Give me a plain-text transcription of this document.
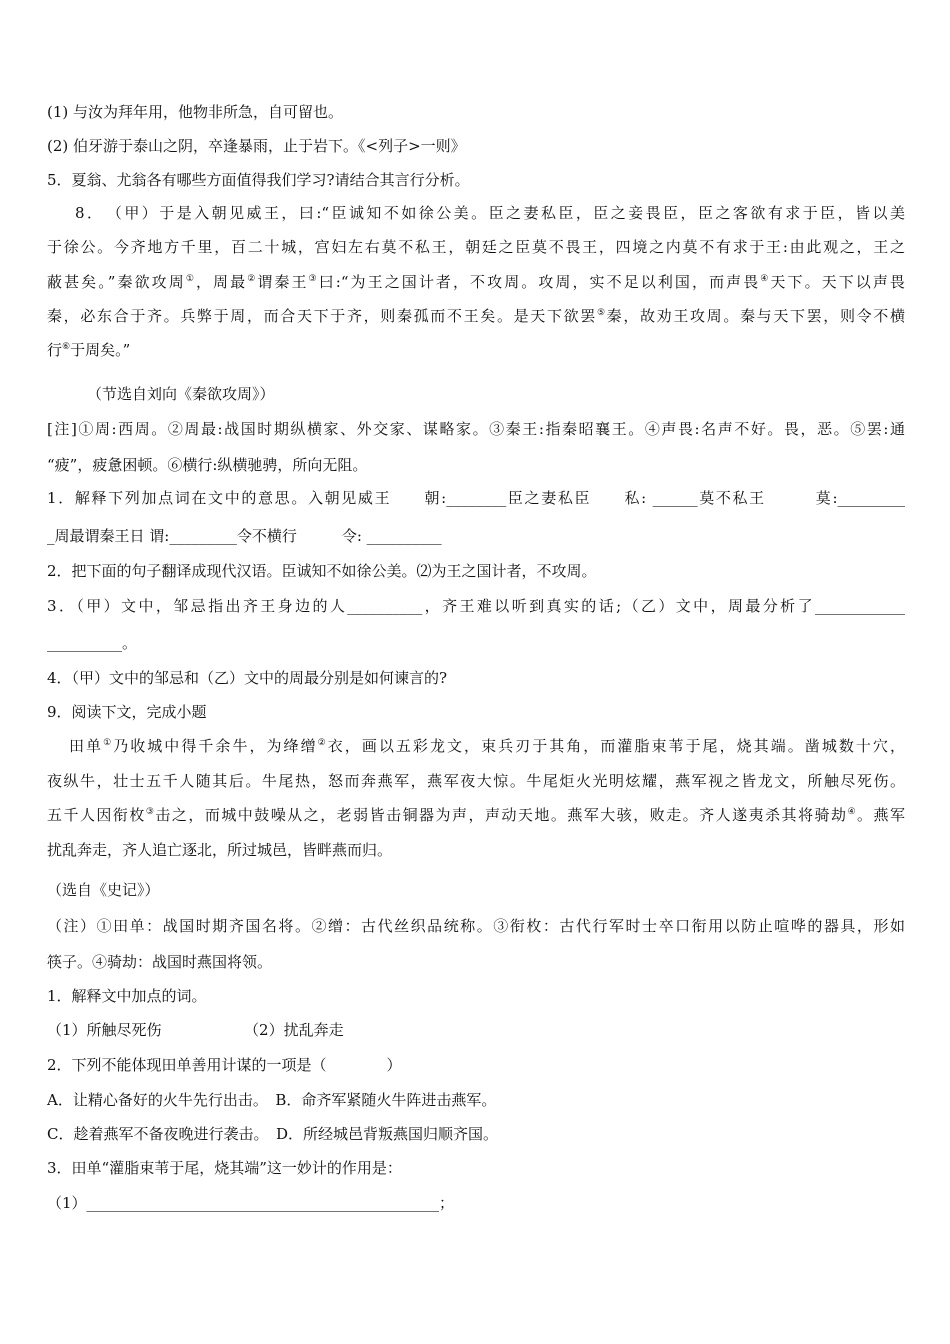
(1) 与汝为拜年用，他物非所急，自可留也。
(2) 伯牙游于泰山之阴，卒逢暴雨，止于岩下。《<列子>一则》
5．夏翁、尤翁各有哪些方面值得我们学习?请结合其言行分析。
8．　（甲）于是入朝见威王，曰:“臣诚知不如徐公美。臣之妻私臣，臣之妾畏臣，臣之客欲有求于臣，皆以美
于徐公。今齐地方千里，百二十城，宫妇左右莫不私王，朝廷之臣莫不畏王，四境之内莫不有求于王:由此观之，王之
蔽甚矣。”秦欲攻周①，周最②谓秦王③曰:“为王之国计者，不攻周。攻周，实不足以利国，而声畏④天下。天下以声畏
秦，必东合于齐。兵弊于周，而合天下于齐，则秦孤而不王矣。是天下欲罢⑤秦，故劝王攻周。秦与天下罢，则令不横
行⑥于周矣。”
（节选自刘向《秦欲攻周》）
[注]①周:西周。②周最:战国时期纵横家、外交家、谋略家。③秦王:指秦昭襄王。④声畏:名声不好。畏，恶。⑤罢:通
“疲”，疲惫困顿。⑥横行:纵横驰骋，所向无阻。
1．解释下列加点词在文中的意思。入朝见威王　　朝:________臣之妻私臣　　私: ______莫不私王　　　莫:_________
_周最谓秦王日 谓:_________令不横行　　　令: __________
2．把下面的句子翻译成现代汉语。臣诚知不如徐公美。⑵为王之国计者，不攻周。
3．（甲）文中，邹忌指出齐王身边的人__________，齐王难以听到真实的话;（乙）文中，周最分析了____________
__________。
4．（甲）文中的邹忌和（乙）文中的周最分别是如何谏言的?
9．阅读下文，完成小题
田单①乃收城中得千余牛，为绛缯②衣，画以五彩龙文，束兵刃于其角，而灌脂束苇于尾，烧其端。凿城数十穴，
夜纵牛，壮士五千人随其后。牛尾热，怒而奔燕军，燕军夜大惊。牛尾炬火光明炫耀，燕军视之皆龙文，所触尽死伤。
五千人因衔枚③击之，而城中鼓噪从之，老弱皆击铜器为声，声动天地。燕军大骇，败走。齐人遂夷杀其将骑劫④。燕军
扰乱奔走，齐人追亡逐北，所过城邑，皆畔燕而归。
（选自《史记》）
（注）①田单：战国时期齐国名将。②缯：古代丝织品统称。③衔枚：古代行军时士卒口衔用以防止喧哗的器具，形如
筷子。④骑劫：战国时燕国将领。
1．解释文中加点的词。
（1）所触尽死伤　　　　　　（2）扰乱奔走
2．下列不能体现田单善用计谋的一项是（　　　　）
A．让精心备好的火牛先行出击。　B．命齐军紧随火牛阵进击燕军。
C．趁着燕军不备夜晚进行袭击。　D．所经城邑背叛燕国归顺齐国。
3．田单“灌脂束苇于尾，烧其端”这一妙计的作用是：
（1）_______________________________________________；
